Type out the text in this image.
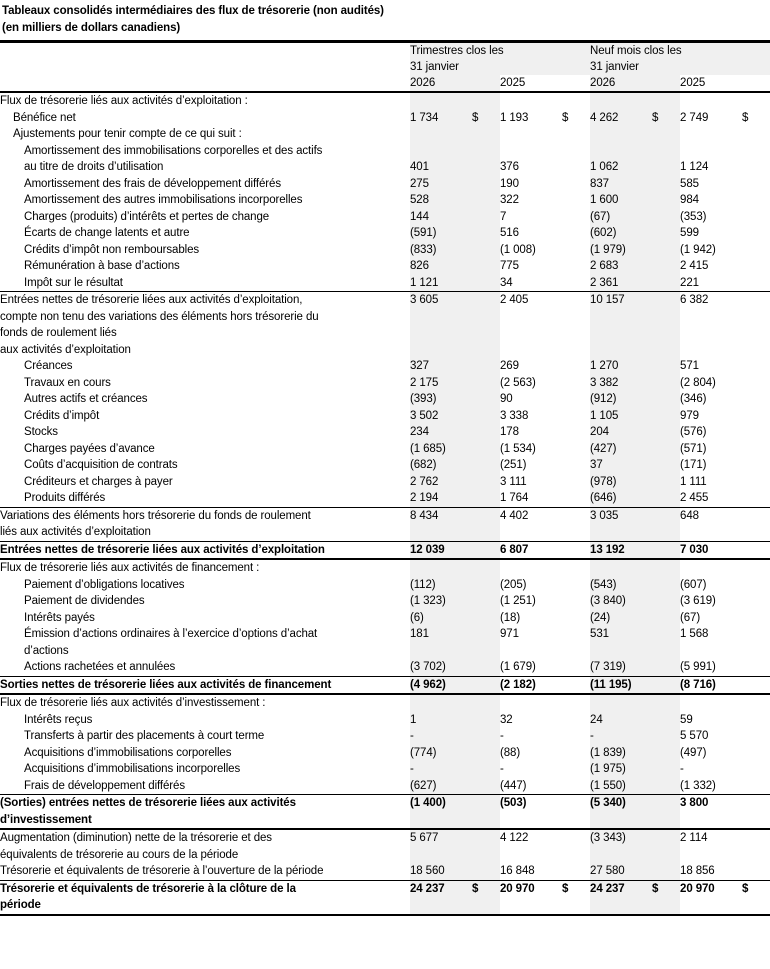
Tableaux consolidés intermédiaires des flux de trésorerie (non audités)
(en milliers de dollars canadiens)
	Trimestres clos les				Neuf mois clos les			
	31 janvier				31 janvier			
	2026		2025		2026		2025	
Flux de trésorerie liés aux activités d’exploitation :								
Bénéfice net	1 734	$	1 193	$	4 262	$	2 749	$
Ajustements pour tenir compte de ce qui suit :								
Amortissement des immobilisations corporelles et des actifs								
au titre de droits d’utilisation	401		376		1 062		1 124	
Amortissement des frais de développement différés	275		190		837		585	
Amortissement des autres immobilisations incorporelles	528		322		1 600		984	
Charges (produits) d’intérêts et pertes de change	144		7		(67)		(353)	
Écarts de change latents et autre	(591)		516		(602)		599	
Crédits d’impôt non remboursables	(833)		(1 008)		(1 979)		(1 942)	
Rémunération à base d’actions	826		775		2 683		2 415	
Impôt sur le résultat	1 121		34		2 361		221	
Entrées nettes de trésorerie liées aux activités d’exploitation,	3 605		2 405		10 157		6 382	
compte non tenu des variations des éléments hors trésorerie du								
fonds de roulement liés								
aux activités d’exploitation								
Créances	327		269		1 270		571	
Travaux en cours	2 175		(2 563)		3 382		(2 804)	
Autres actifs et créances	(393)		90		(912)		(346)	
Crédits d’impôt	3 502		3 338		1 105		979	
Stocks	234		178		204		(576)	
Charges payées d’avance	(1 685)		(1 534)		(427)		(571)	
Coûts d’acquisition de contrats	(682)		(251)		37		(171)	
Créditeurs et charges à payer	2 762		3 111		(978)		1 111	
Produits différés	2 194		1 764		(646)		2 455	
Variations des éléments hors trésorerie du fonds de roulement	8 434		4 402		3 035		648	
liés aux activités d’exploitation								
Entrées nettes de trésorerie liées aux activités d’exploitation	12 039		6 807		13 192		7 030	
Flux de trésorerie liés aux activités de financement :								
Paiement d’obligations locatives	(112)		(205)		(543)		(607)	
Paiement de dividendes	(1 323)		(1 251)		(3 840)		(3 619)	
Intérêts payés	(6)		(18)		(24)		(67)	
Émission d’actions ordinaires à l’exercice d’options d’achat	181		971		531		1 568	
d’actions								
Actions rachetées et annulées	(3 702)		(1 679)		(7 319)		(5 991)	
Sorties nettes de trésorerie liées aux activités de financement	(4 962)		(2 182)		(11 195)		(8 716)	
Flux de trésorerie liés aux activités d’investissement :								
Intérêts reçus	1		32		24		59	
Transferts à partir des placements à court terme	-		-		-		5 570	
Acquisitions d’immobilisations corporelles	(774)		(88)		(1 839)		(497)	
Acquisitions d’immobilisations incorporelles	-		-		(1 975)		-	
Frais de développement différés	(627)		(447)		(1 550)		(1 332)	
(Sorties) entrées nettes de trésorerie liées aux activités	(1 400)		(503)		(5 340)		3 800	
d’investissement								
Augmentation (diminution) nette de la trésorerie et des	5 677		4 122		(3 343)		2 114	
équivalents de trésorerie au cours de la période								
Trésorerie et équivalents de trésorerie à l’ouverture de la période	18 560		16 848		27 580		18 856	
Trésorerie et équivalents de trésorerie à la clôture de la	24 237	$	20 970	$	24 237	$	20 970	$
période								
